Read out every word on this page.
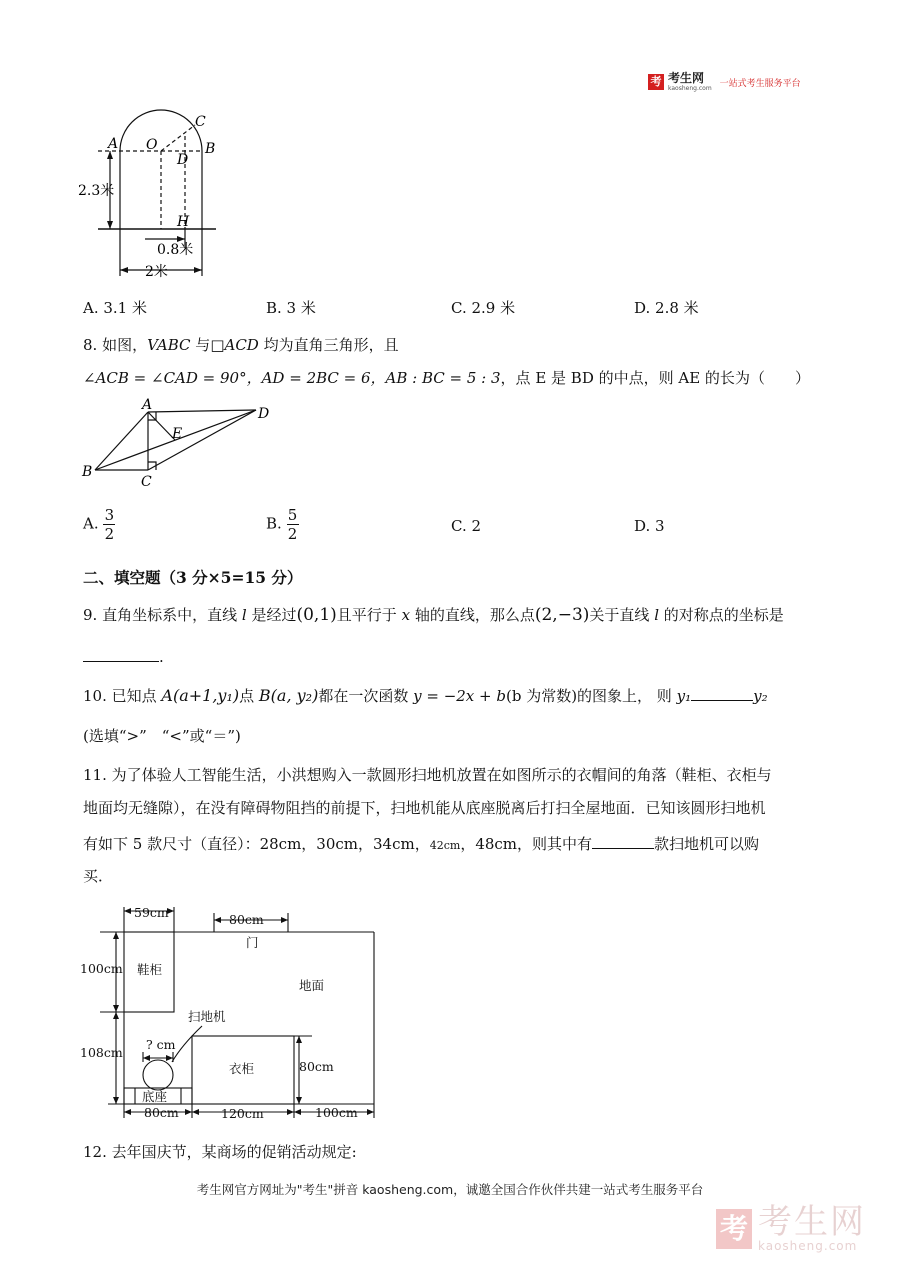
考 考生网
kaosheng.com 一站式考生服务平台
A O
C
B
D
H
2.3米
0.8米
2米
A. 3.1 米	B. 3 米	C. 2.9 米	D. 2.8 米
8. 如图，VABC 与□ACD 均为直角三角形，且
∠ACB = ∠CAD = 90°，AD = 2BC = 6，AB : BC = 5 : 3，点 E 是 BD 的中点，则 AE 的长为（　　）
A
D
E
B
C
A. $\frac{3}{2}$	B. $\frac{5}{2}$	C. 2	D. 3
二、填空题（3 分×5=15 分）
9. 直角坐标系中，直线 l 是经过(0,1)且平行于 x 轴的直线，那么点(2,−3)关于直线 l 的对称点的坐标是
.
10. 已知点 A(a+1,y₁)点 B(a, y₂)都在一次函数 y = −2x + b(b 为常数)的图象上， 则 y₁	y₂
(选填“>”　“<”或“＝”)
11. 为了体验人工智能生活，小洪想购入一款圆形扫地机放置在如图所示的衣帽间的角落（鞋柜、衣柜与
地面均无缝隙），在没有障碍物阻挡的前提下，扫地机能从底座脱离后打扫全屋地面．已知该圆形扫地机
有如下 5 款尺寸（直径）：28cm，30cm，34cm，42cm，48cm，则其中有	款扫地机可以购
买．
59cm	80cm
门
100cm 鞋柜
地面
扫地机
? cm
108cm
衣柜	80cm
底座
80cm	120cm	100cm
12. 去年国庆节，某商场的促销活动规定:
考生网官方网址为"考生"拼音 kaosheng.com，诚邀全国合作伙伴共建一站式考生服务平台
考 考生网
kaosheng.com
